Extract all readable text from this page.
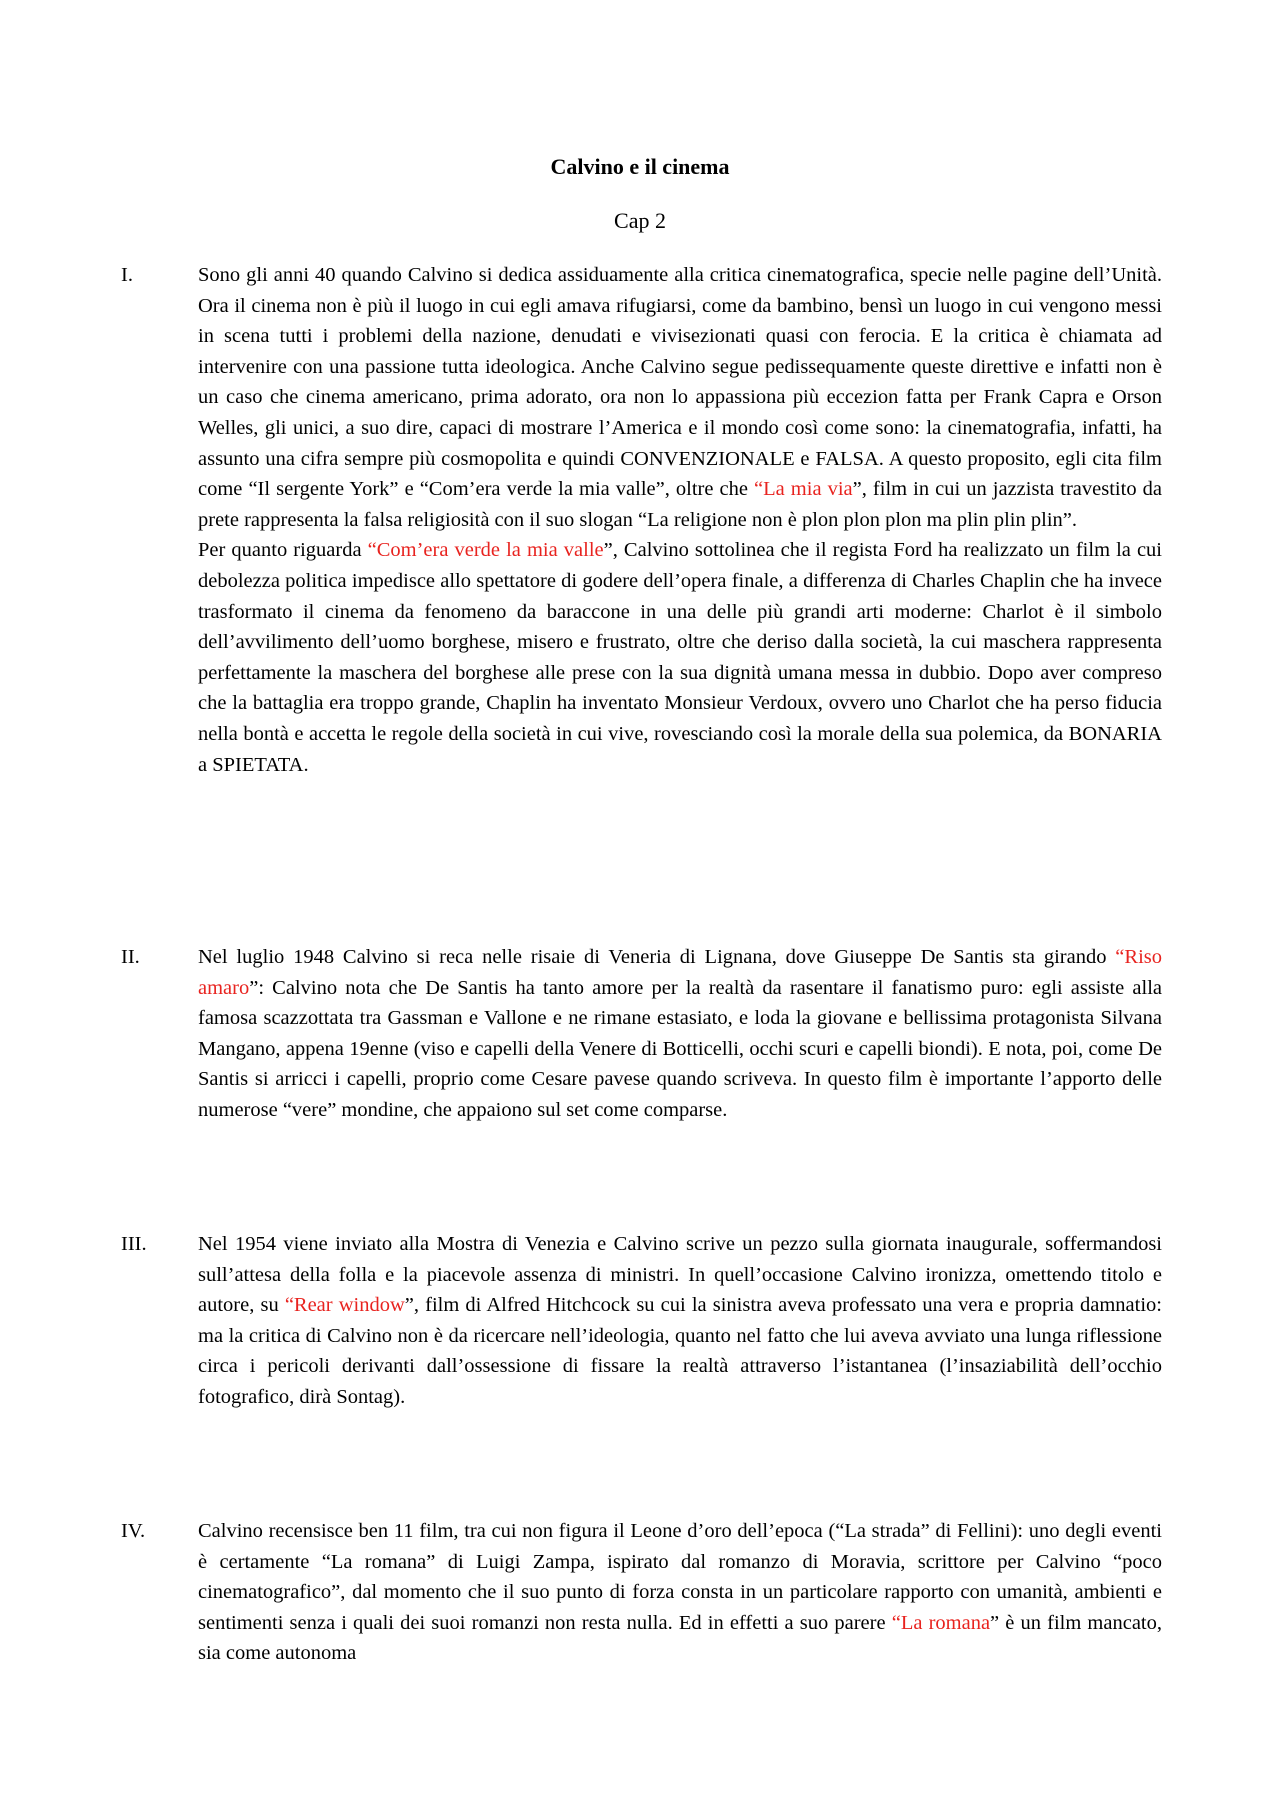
Calvino e il cinema
Cap 2
I.	Sono gli anni 40 quando Calvino si dedica assiduamente alla critica cinematografica, specie nelle pagine dell’Unità. Ora il cinema non è più il luogo in cui egli amava rifugiarsi, come da bambino, bensì un luogo in cui vengono messi in scena tutti i problemi della nazione, denudati e vivisezionati quasi con ferocia. E la critica è chiamata ad intervenire con una passione tutta ideologica. Anche Calvino segue pedissequamente queste direttive e infatti non è un caso che cinema americano, prima adorato, ora non lo appassiona più eccezion fatta per Frank Capra e Orson Welles, gli unici, a suo dire, capaci di mostrare l’America e il mondo così come sono: la cinematografia, infatti, ha assunto una cifra sempre più cosmopolita e quindi CONVENZIONALE e FALSA. A questo proposito, egli cita film come “Il sergente York” e “Com’era verde la mia valle”, oltre che “La mia via”, film in cui un jazzista travestito da prete rappresenta la falsa religiosità con il suo slogan “La religione non è plon plon plon ma plin plin plin”.

Per quanto riguarda “Com’era verde la mia valle”, Calvino sottolinea che il regista Ford ha realizzato un film la cui debolezza politica impedisce allo spettatore di godere dell’opera finale, a differenza di Charles Chaplin che ha invece trasformato il cinema da fenomeno da baraccone in una delle più grandi arti moderne: Charlot è il simbolo dell’avvilimento dell’uomo borghese, misero e frustrato, oltre che deriso dalla società, la cui maschera rappresenta perfettamente la maschera del borghese alle prese con la sua dignità umana messa in dubbio. Dopo aver compreso che la battaglia era troppo grande, Chaplin ha inventato Monsieur Verdoux, ovvero uno Charlot che ha perso fiducia nella bontà e accetta le regole della società in cui vive, rovesciando così la morale della sua polemica, da BONARIA a SPIETATA.

II.	Nel luglio 1948 Calvino si reca nelle risaie di Veneria di Lignana, dove Giuseppe De Santis sta girando “Riso amaro”: Calvino nota che De Santis ha tanto amore per la realtà da rasentare il fanatismo puro: egli assiste alla famosa scazzottata tra Gassman e Vallone e ne rimane estasiato, e loda la giovane e bellissima protagonista Silvana Mangano, appena 19enne (viso e capelli della Venere di Botticelli, occhi scuri e capelli biondi). E nota, poi, come De Santis si arricci i capelli, proprio come Cesare pavese quando scriveva. In questo film è importante l’apporto delle numerose “vere” mondine, che appaiono sul set come comparse.

III.	Nel 1954 viene inviato alla Mostra di Venezia e Calvino scrive un pezzo sulla giornata inaugurale, soffermandosi sull’attesa della folla e la piacevole assenza di ministri. In quell’occasione Calvino ironizza, omettendo titolo e autore, su “Rear window”, film di Alfred Hitchcock su cui la sinistra aveva professato una vera e propria damnatio: ma la critica di Calvino non è da ricercare nell’ideologia, quanto nel fatto che lui aveva avviato una lunga riflessione circa i pericoli derivanti dall’ossessione di fissare la realtà attraverso l’istantanea (l’insaziabilità dell’occhio fotografico, dirà Sontag).

IV.	Calvino recensisce ben 11 film, tra cui non figura il Leone d’oro dell’epoca (“La strada” di Fellini): uno degli eventi è certamente “La romana” di Luigi Zampa, ispirato dal romanzo di Moravia, scrittore per Calvino “poco cinematografico”, dal momento che il suo punto di forza consta in un particolare rapporto con umanità, ambienti e sentimenti senza i quali dei suoi romanzi non resta nulla. Ed in effetti a suo parere “La romana” è un film mancato, sia come autonoma
